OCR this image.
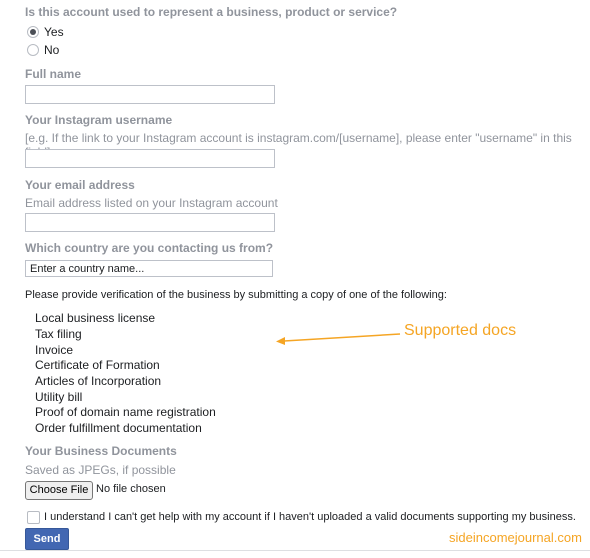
Is this account used to represent a business, product or service?
Yes
No
Full name
Your Instagram username
[e.g. If the link to your Instagram account is instagram.com/[username], please enter "username" in this
Your email address
Email address listed on your Instagram account
Which country are you contacting us from?
Enter a country name...
Please provide verification of the business by submitting a copy of one of the following:
Local business license
Tax filing
Invoice
Certificate of Formation
Articles of Incorporation
Utility bill
Proof of domain name registration
Order fulfillment documentation
Supported docs
Your Business Documents
Saved as JPEGs, if possible
Choose File No file chosen
I understand I can't get help with my account if I haven't uploaded a valid documents supporting my business.
Send	sideincomejournal.com
